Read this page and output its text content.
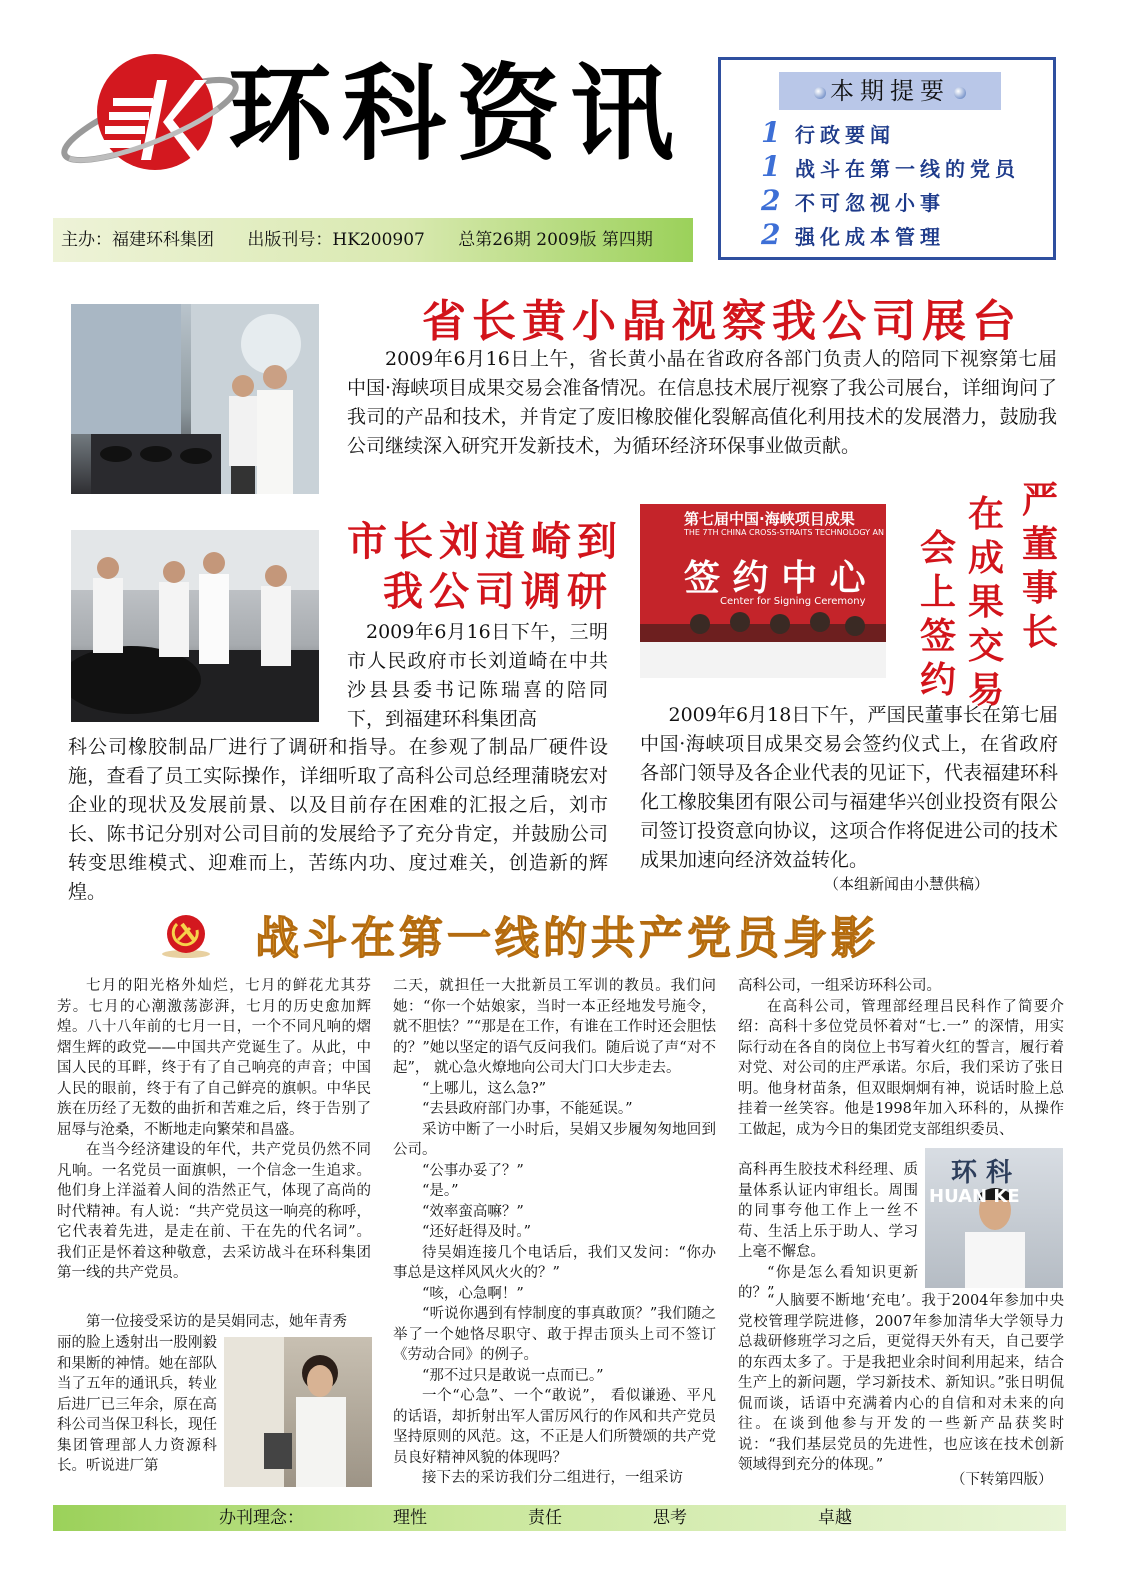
环科资讯
主办：福建环科集团 出版刊号：HK200907 总第26期 2009版 第四期
本期提要
1 行政要闻
1 战斗在第一线的党员
2 不可忽视小事
2 强化成本管理
省长黄小晶视察我公司展台
2009年6月16日上午，省长黄小晶在省政府各部门负责人的陪同下视察第七届中国·海峡项目成果交易会准备情况。在信息技术展厅视察了我公司展台，详细询问了我司的产品和技术，并肯定了废旧橡胶催化裂解高值化利用技术的发展潜力，鼓励我公司继续深入研究开发新技术，为循环经济环保事业做贡献。
市长刘道崎到
我公司调研
2009年6月16日下午，三明市人民政府市长刘道崎在中共沙县县委书记陈瑞喜的陪同下，到福建环科集团高
科公司橡胶制品厂进行了调研和指导。在参观了制品厂硬件设施，查看了员工实际操作，详细听取了高科公司总经理蒲晓宏对企业的现状及发展前景、以及目前存在困难的汇报之后，刘市长、陈书记分别对公司目前的发展给予了充分肯定，并鼓励公司转变思维模式、迎难而上，苦练内功、度过难关，创造新的辉煌。
第七届中国·海峡项目成果
THE 7TH CHINA CROSS-STRAITS TECHNOLOGY AN
签 约 中 心
Center for Signing Ceremony
严董事长
在成果交易
会上签约
2009年6月18日下午，严国民董事长在第七届中国·海峡项目成果交易会签约仪式上，在省政府各部门领导及各企业代表的见证下，代表福建环科化工橡胶集团有限公司与福建华兴创业投资有限公司签订投资意向协议，这项合作将促进公司的技术成果加速向经济效益转化。
（本组新闻由小慧供稿）
战斗在第一线的共产党员身影

七月的阳光格外灿烂，七月的鲜花尤其芬芳。七月的心潮激荡澎湃，七月的历史愈加辉煌。八十八年前的七月一日，一个不同凡响的熠熠生辉的政党——中国共产党诞生了。从此，中国人民的耳畔，终于有了自己响亮的声音；中国人民的眼前，终于有了自己鲜亮的旗帜。中华民族在历经了无数的曲折和苦难之后，终于告别了屈辱与沧桑，不断地走向繁荣和昌盛。

在当今经济建设的年代，共产党员仍然不同凡响。一名党员一面旗帜，一个信念一生追求。他们身上洋溢着人间的浩然正气，体现了高尚的时代精神。有人说：“共产党员这一响亮的称呼，它代表着先进，是走在前、干在先的代名词”。 我们正是怀着这种敬意，去采访战斗在环科集团第一线的共产党员。

第一位接受采访的是吴娟同志，她年青秀

丽的脸上透射出一股刚毅和果断的神情。她在部队当了五年的通讯兵，转业后进厂已三年余，原在高科公司当保卫科长，现任集团管理部人力资源科长。听说进厂第

二天，就担任一大批新员工军训的教员。我们问她：“你一个姑娘家，当时一本正经地发号施令，就不胆怯？”“那是在工作，有谁在工作时还会胆怯的？”她以坚定的语气反问我们。随后说了声“对不起”， 就心急火燎地向公司大门口大步走去。

“上哪儿，这么急?”

“去县政府部门办事，不能延误。”

采访中断了一小时后，吴娟又步履匆匆地回到公司。

“公事办妥了？”

“是。”

“效率蛮高嘛？”

“还好赶得及时。”

待吴娟连接几个电话后，我们又发问：“你办事总是这样风风火火的？”

“咳，心急啊！”

“听说你遇到有悖制度的事真敢顶？”我们随之举了一个她恪尽职守、敢于捍击顶头上司不签订《劳动合同》的例子。

“那不过只是敢说一点而已。”

一个“心急”、一个“敢说”， 看似谦逊、平凡的话语，却折射出军人雷厉风行的作风和共产党员坚持原则的风范。这，不正是人们所赞颂的共产党员良好精神风貌的体现吗？

接下去的采访我们分二组进行，一组采访

高科公司，一组采访环科公司。

在高科公司，管理部经理吕民科作了简要介绍：高科十多位党员怀着对“七.一” 的深情，用实际行动在各自的岗位上书写着火红的誓言，履行着对党、对公司的庄严承诺。尔后，我们采访了张日明。他身材苗条，但双眼炯炯有神，说话时脸上总挂着一丝笑容。他是1998年加入环科的，从操作工做起，成为今日的集团党支部组织委员、

高科再生胶技术科经理、质量体系认证内审组长。周围的同事夸他工作上一丝不苟、生活上乐于助人、学习上毫不懈怠。

“你是怎么看知识更新的？”

环 科
HUAN KE

“人脑要不断地‘充电’。我于2004年参加中央党校管理学院进修，2007年参加清华大学领导力总裁研修班学习之后，更觉得天外有天，自己要学的东西太多了。于是我把业余时间利用起来，结合生产上的新问题，学习新技术、新知识。”张日明侃侃而谈，话语中充满着内心的自信和对未来的向往。在谈到他参与开发的一些新产品获奖时说：“我们基层党员的先进性，也应该在技术创新领域得到充分的体现。”

（下转第四版）
办刊理念：	理性	责任	思考	卓越
